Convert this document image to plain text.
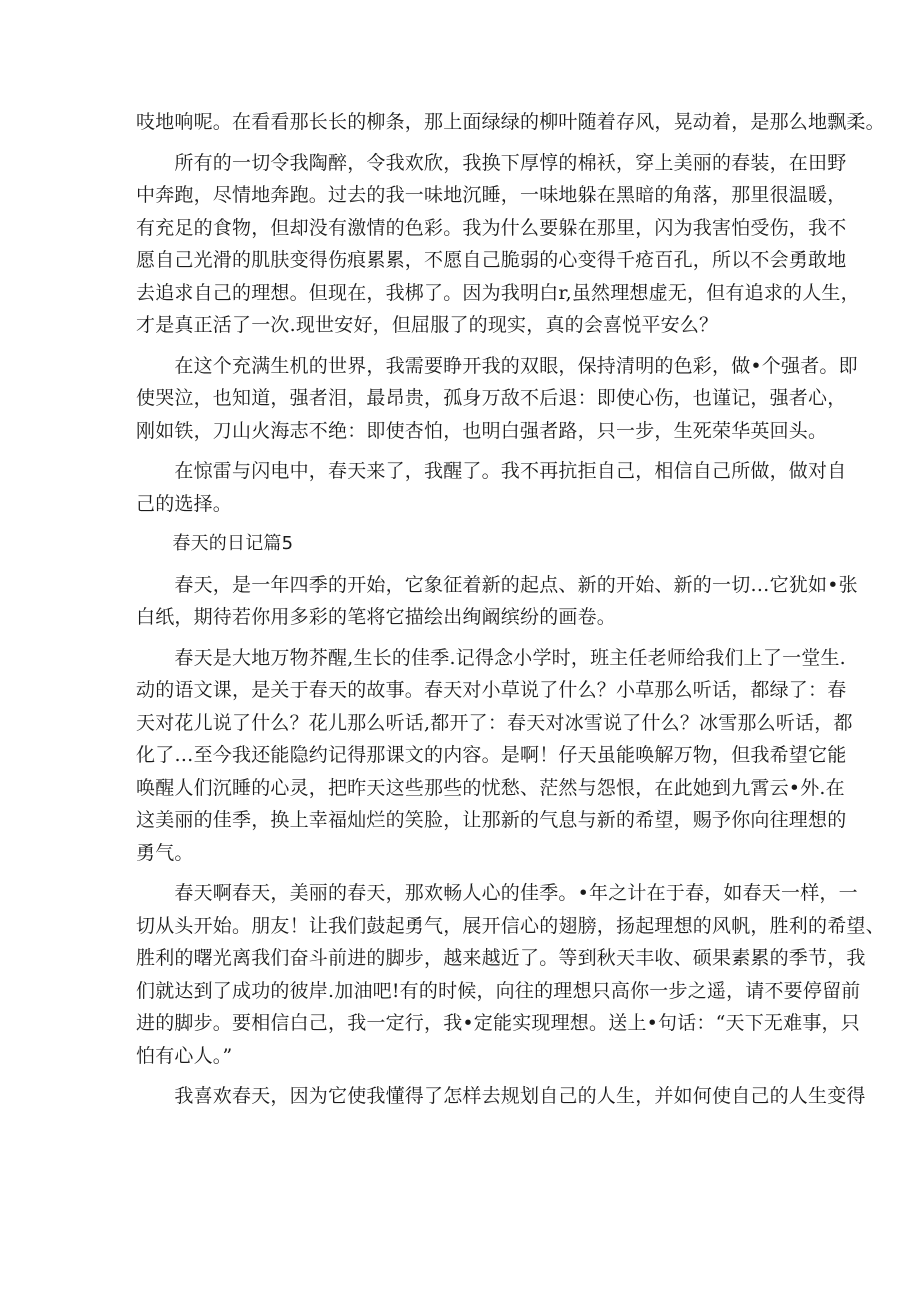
吱地响呢。在看看那长长的柳条，那上面绿绿的柳叶随着存风，晃动着，是那么地飘柔。
　　所有的一切令我陶醉，令我欢欣，我换下厚惇的棉袄，穿上美丽的春装，在田野
中奔跑，尽情地奔跑。过去的我一味地沉睡，一味地躲在黑暗的角落，那里很温暖，
有充足的食物，但却没有激情的色彩。我为什么要躲在那里，闪为我害怕受伤，我不
愿自己光滑的肌肤变得伤痕累累，不愿自己脆弱的心变得千疮百孔，所以不会勇敢地
去追求自己的理想。但现在，我梆了。因为我明白r,虽然理想虚无，但有追求的人生，
才是真正活了一次.现世安好，但屈服了的现实，真的会喜悦平安么？
　　在这个充满生机的世界，我需要睁开我的双眼，保持清明的色彩，做•个强者。即
使哭泣，也知道，强者泪，最昂贵，孤身万敌不后退：即使心伤，也谨记，强者心，
刚如铁，刀山火海志不绝：即使杏怕，也明白强者路，只一步，生死荣华英回头。
　　在惊雷与闪电中，春天来了，我醒了。我不再抗拒自己，相信自己所做，做对自
己的选择。
　　春天的日记篇5
　　春天，是一年四季的开始，它象征着新的起点、新的开始、新的一切…它犹如•张
白纸，期待若你用多彩的笔将它描绘出绚阚缤纷的画卷。
　　春天是大地万物芥醒,生长的佳季.记得念小学时，班主任老师给我们上了一堂生.
动的语文课，是关于春天的故事。春天对小草说了什么？小草那么听话，都绿了：春
天对花儿说了什么？花儿那么听话,都开了：春天对冰雪说了什么？冰雪那么听话，都
化了…至今我还能隐约记得那课文的内容。是啊！仔天虽能唤解万物，但我希望它能
唤醒人们沉睡的心灵，把昨天这些那些的忧愁、茫然与怨恨，在此她到九霄云•外.在
这美丽的佳季，换上幸福灿烂的笑脸，让那新的气息与新的希望，赐予你向往理想的
勇气。
　　春天啊春天，美丽的春天，那欢畅人心的佳季。•年之计在于春，如春天一样，一
切从头开始。朋友！让我们鼓起勇气，展开信心的翅膀，扬起理想的风帆，胜利的希望、
胜利的曙光离我们奋斗前进的脚步，越来越近了。等到秋天丰收、硕果素累的季节，我
们就达到了成功的彼岸.加油吧!有的时候，向往的理想只高你一步之遥，请不要停留前
进的脚步。要相信白己，我一定行，我•定能实现理想。送上•句话：“天下无难事，只
怕有心人。”
　　我喜欢春天，因为它使我懂得了怎样去规划自己的人生，并如何使自己的人生变得
